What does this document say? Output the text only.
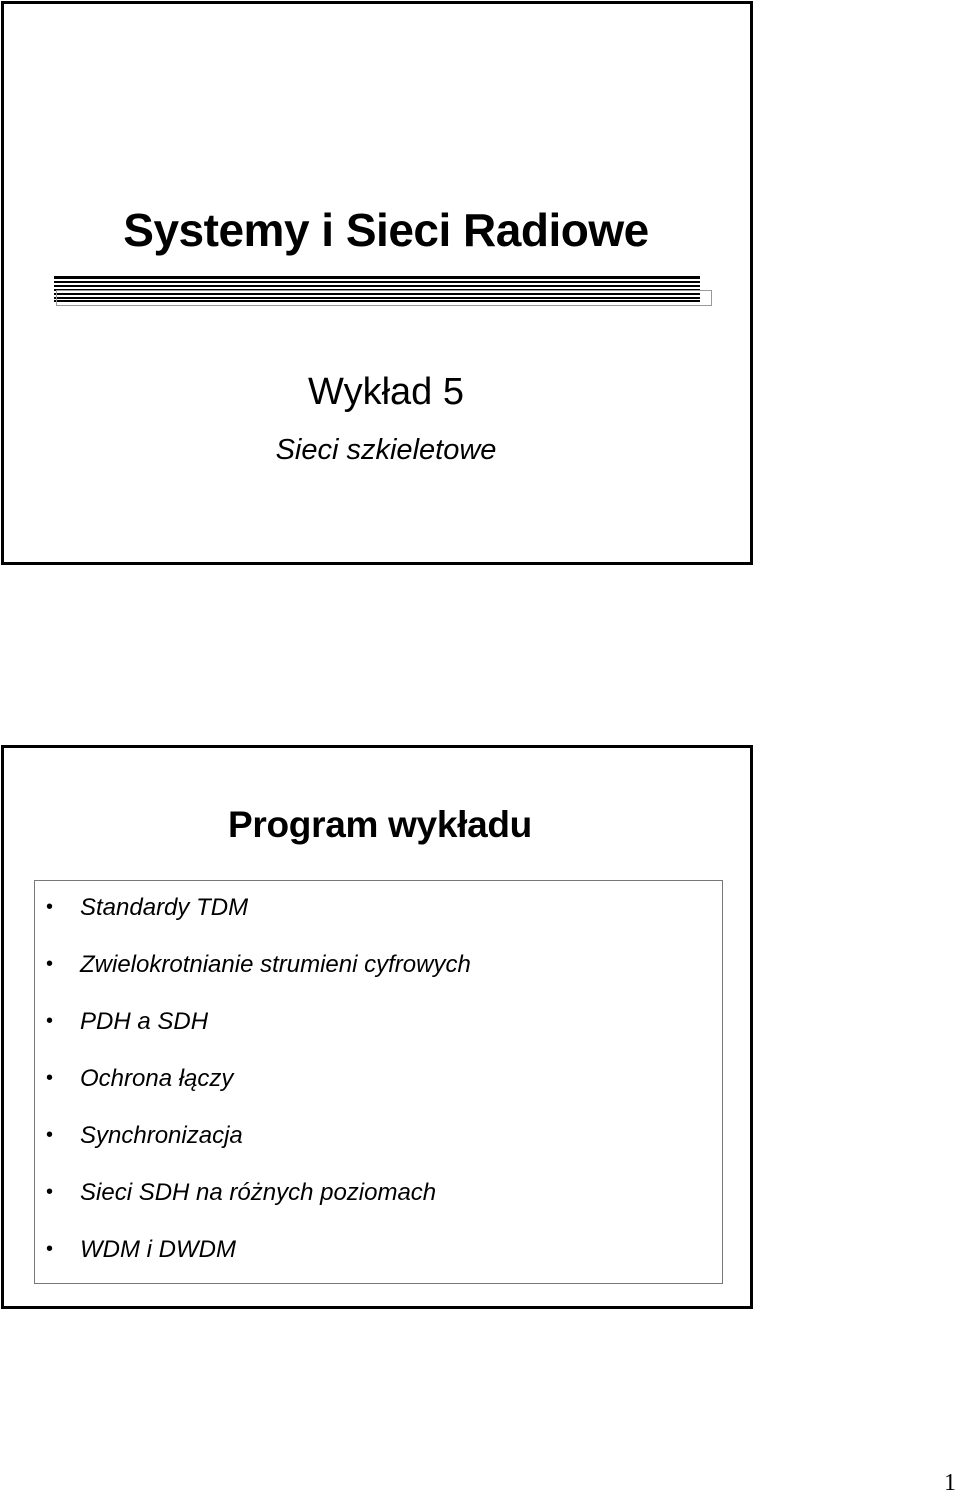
Systemy i Sieci Radiowe
Wykład 5
Sieci szkieletowe
Program wykładu
• Standardy TDM
• Zwielokrotnianie strumieni cyfrowych
• PDH a SDH
• Ochrona łączy
• Synchronizacja
• Sieci SDH na różnych poziomach
• WDM i DWDM
1
